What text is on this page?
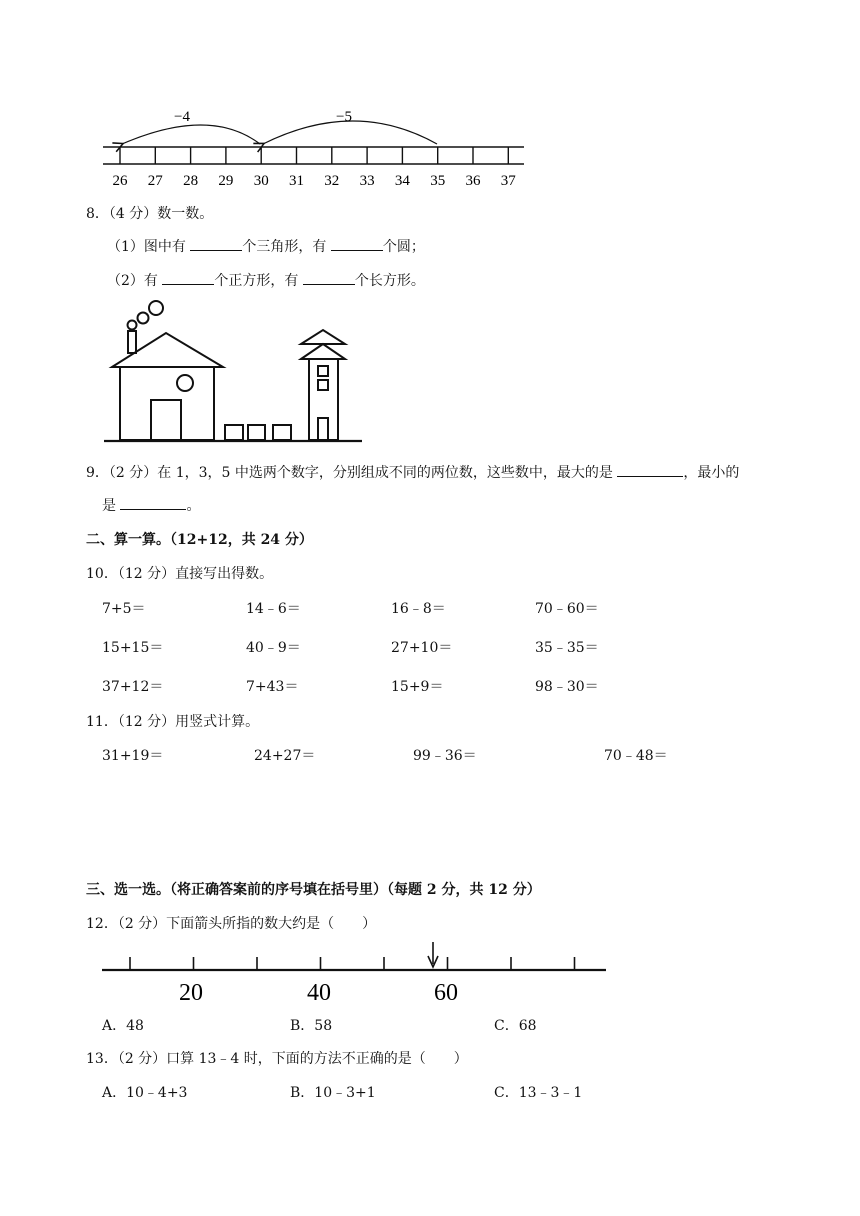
−4	−5
26 27 28 29 30 31 32 33 34 35 36 37
8．（4 分）数一数。
（1）图中有	个三角形，有	个圆；
（2）有	个正方形，有	个长方形。
9．（2 分）在 1，3，5 中选两个数字，分别组成不同的两位数，这些数中，最大的是	，最小的
是	。
二、算一算。（12+12，共 24 分）
10．（12 分）直接写出得数。
7+5＝	14﹣6＝	16﹣8＝	70﹣60＝
15+15＝	40﹣9＝	27+10＝	35﹣35＝
37+12＝	7+43＝	15+9＝	98﹣30＝
11．（12 分）用竖式计算。
31+19＝	24+27＝	99﹣36＝	70﹣48＝
三、选一选。（将正确答案前的序号填在括号里）（每题 2 分，共 12 分）
12．（2 分）下面箭头所指的数大约是（　　）
20	40	60
A．48	B．58	C．68
13．（2 分）口算 13﹣4 时，下面的方法不正确的是（　　）
A．10﹣4+3	B．10﹣3+1	C．13﹣3﹣1
